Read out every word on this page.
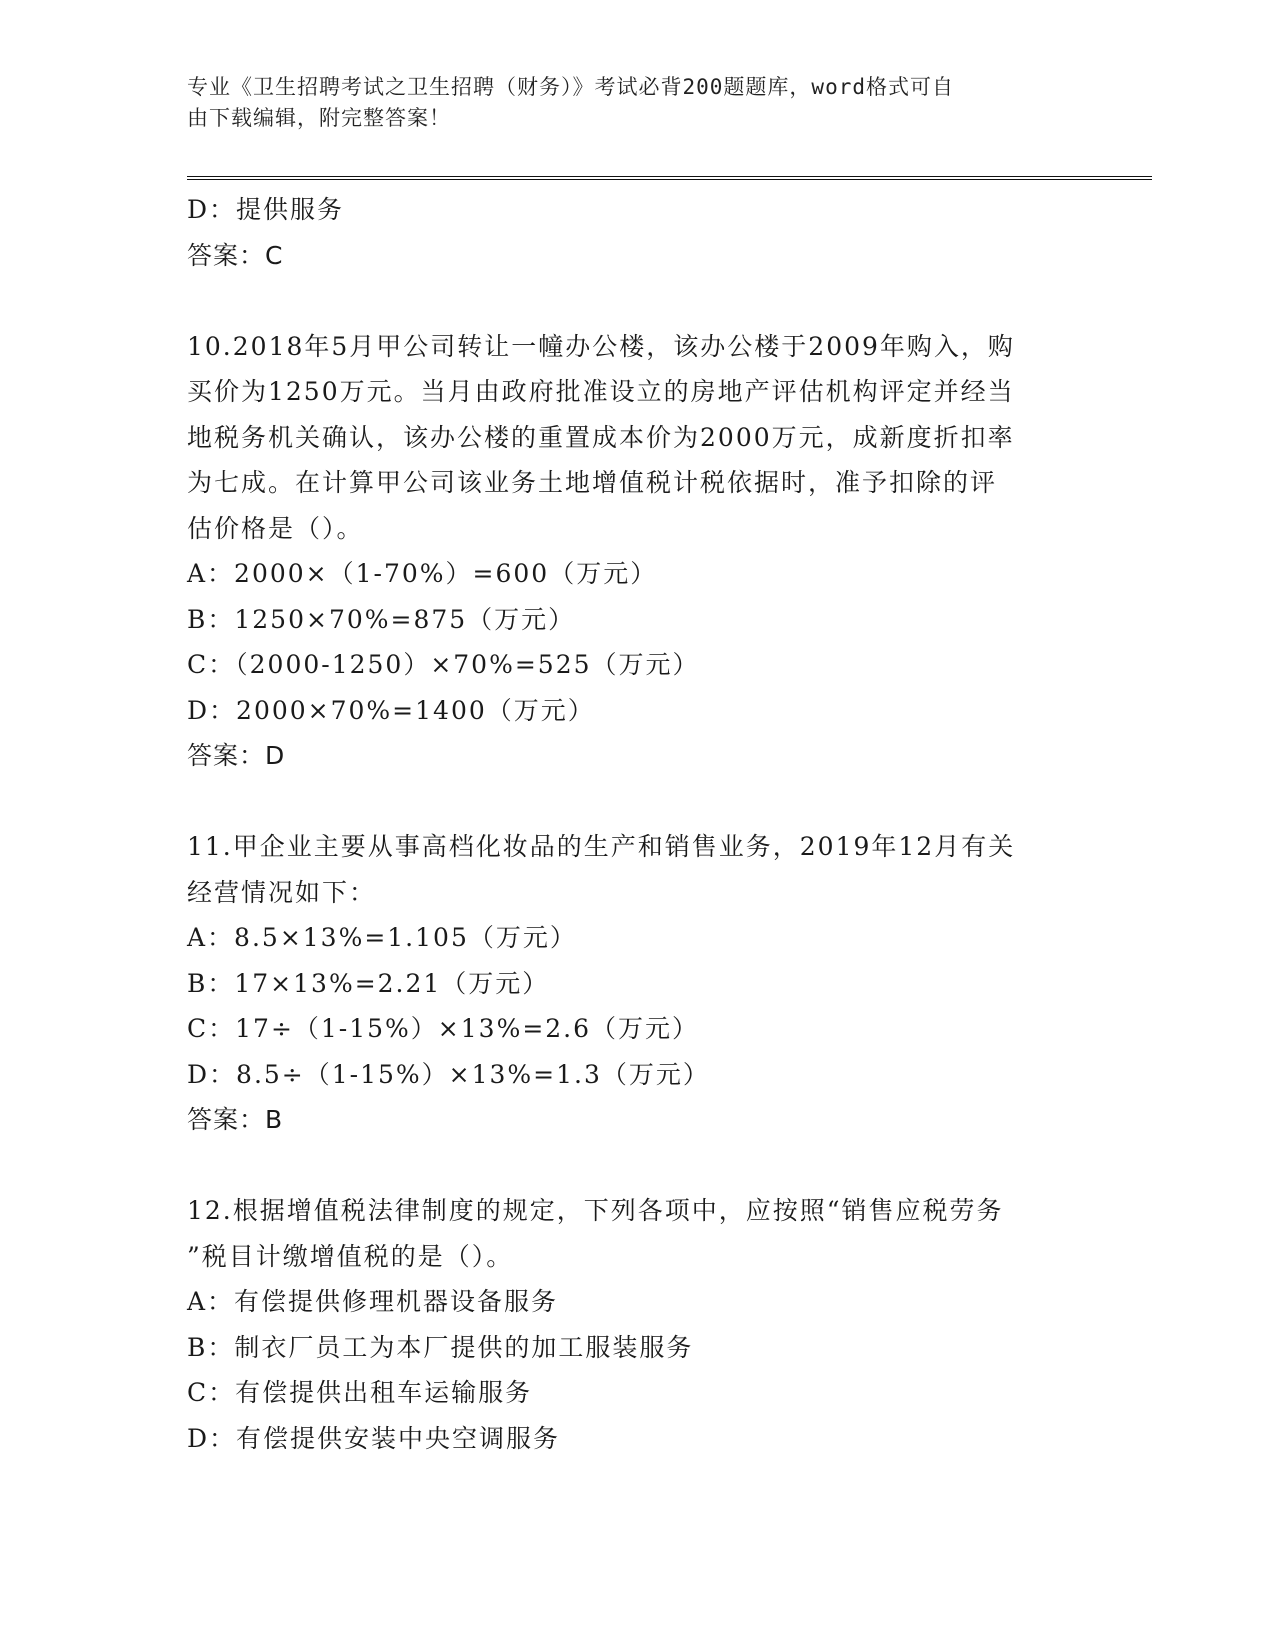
专业《卫生招聘考试之卫生招聘（财务）》考试必背200题题库，word格式可自
由下载编辑，附完整答案！
D：提供服务
答案：C
10.2018年5月甲公司转让一幢办公楼，该办公楼于2009年购入，购
买价为1250万元。当月由政府批准设立的房地产评估机构评定并经当
地税务机关确认，该办公楼的重置成本价为2000万元，成新度折扣率
为七成。在计算甲公司该业务土地增值税计税依据时，准予扣除的评
估价格是（）。
A：2000×（1-70%）=600（万元）
B：1250×70%=875（万元）
C：（2000-1250）×70%=525（万元）
D：2000×70%=1400（万元）
答案：D
11.甲企业主要从事高档化妆品的生产和销售业务，2019年12月有关
经营情况如下：
A：8.5×13%=1.105（万元）
B：17×13%=2.21（万元）
C：17÷（1-15%）×13%=2.6（万元）
D：8.5÷（1-15%）×13%=1.3（万元）
答案：B
12.根据增值税法律制度的规定，下列各项中，应按照“销售应税劳务
”税目计缴增值税的是（）。
A：有偿提供修理机器设备服务
B：制衣厂员工为本厂提供的加工服装服务
C：有偿提供出租车运输服务
D：有偿提供安装中央空调服务
